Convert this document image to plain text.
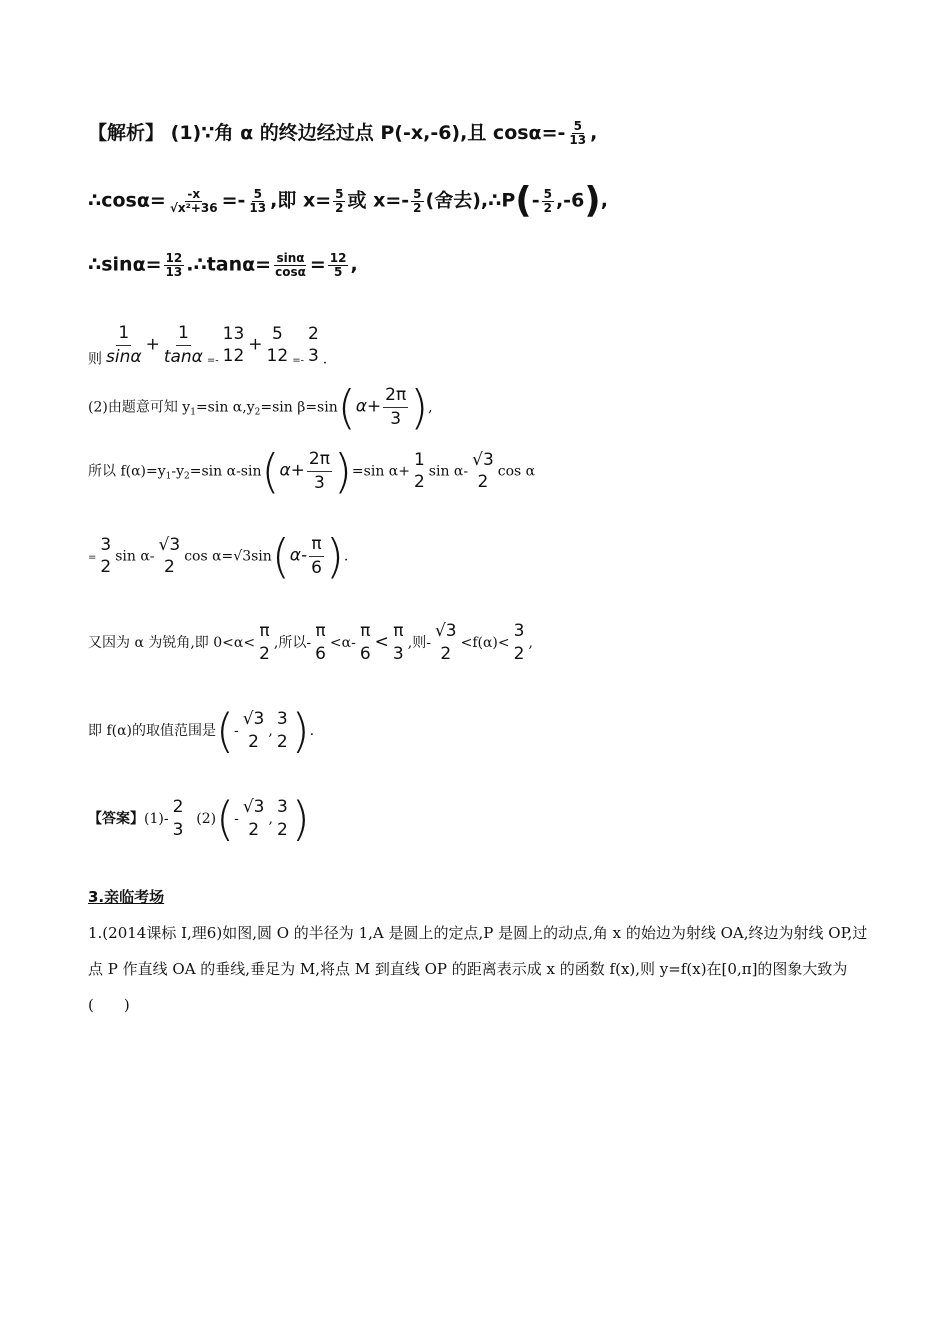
【解析】 (1)∵角 α 的终边经过点 P(-x,-6),且 $\cos\alpha=- \frac{5}{13}$ ,
∴cosα= $\frac{-x}{\text{√x²+36}} =- \frac{5}{13}$ ,即 $x= \frac{5}{2}$ 或 $x=- \frac{5}{2}$ (舍去),∴P(- $\frac{5}{2} ,-6$),
∴sinα= $\frac{12}{13}$ .∴tanα= $\frac{\sin\alpha}{\cos\alpha} = \frac{12}{5}$ ,
则 $\frac{1}{\sin\alpha} + \frac{1}{\tan\alpha} _{=-}$
13
12
+
5
12 $_{=-}$
2
3 .
(2)由题意可知 $y_1=\sin$ $\alpha,y_2=\sin$ $\beta=\sin(\alpha+ \frac{2\pi}{3}$ ),
所以 $f(\alpha)=y_1-y_2=\sin$ $\alpha-\sin(\alpha+ \frac{2\pi}{3} )=\sin$ α+
1
2
sin α-
√3
2
cos α
=
3
2
sin α-
√3
2
$\cos \alpha=√3\sin(\alpha- \frac{\pi}{6}$ ).
又因为 α 为锐角,即 0<α<
π
2
,所以-
π
6
<α-
π
6
<
π
3
,则-
√3
2
<f(α)<
3
2
,
即 f(α)的取值范围是(-
√3
2
,
3
2 ).
【答案】(1)-
2
3
(2)(-
√3
2
,
3
2 )
3.亲临考场
1.(2014课标 Ⅰ,理6)如图,圆 O 的半径为 1,A 是圆上的定点,P 是圆上的动点,角 x 的始边为射线 OA,终边为射线 OP,过点 P 作直线 OA 的垂线,垂足为 M,将点 M 到直线 OP 的距离表示成 x 的函数 f(x),则 y=f(x)在[0,π]的图象大致为(　　)
